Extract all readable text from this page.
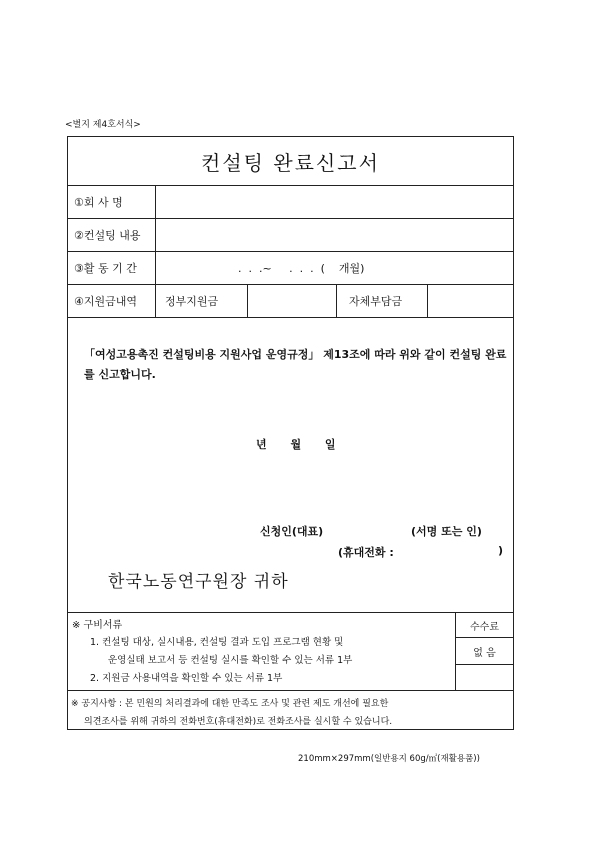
<별지 제4호서식>
컨설팅 완료신고서
①회 사 명
②컨설팅 내용
③활 동 기 간	.  .  .~     .  .  .  (    개월)
④지원금내역	정부지원금	자체부담금
「여성고용촉진 컨설팅비용 지원사업 운영규정」 제13조에 따라 위와 같이 컨설팅 완료를 신고합니다.
년 월 일
신청인(대표)	(서명 또는 인)
(휴대전화 :	)
한국노동연구원장 귀하
※ 구비서류
1. 컨설팅 대상, 실시내용, 컨설팅 결과 도입 프로그램 현황 및
운영실태 보고서 등 컨설팅 실시를 확인할 수 있는 서류 1부
2. 지원금 사용내역을 확인할 수 있는 서류 1부
수수료
없 음
※ 공지사항 : 본 민원의 처리결과에 대한 만족도 조사 및 관련 제도 개선에 필요한
의견조사를 위해 귀하의 전화번호(휴대전화)로 전화조사를 실시할 수 있습니다.
210mm×297mm(일반용지 60g/㎡(재활용품))
